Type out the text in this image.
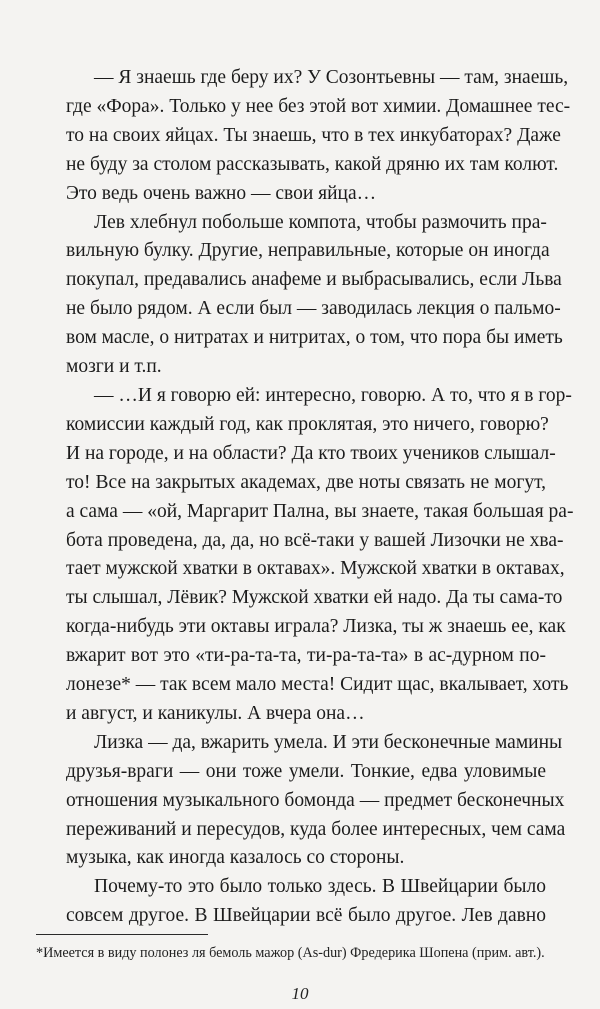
— Я знаешь где беру их? У Созонтьевны — там, знаешь,
где «Фора». Только у нее без этой вот химии. Домашнее тес-
то на своих яйцах. Ты знаешь, что в тех инкубаторах? Даже
не буду за столом рассказывать, какой дряню их там колют.
Это ведь очень важно — свои яйца…
Лев хлебнул побольше компота, чтобы размочить пра-
вильную булку. Другие, неправильные, которые он иногда
покупал, предавались анафеме и выбрасывались, если Льва
не было рядом. А если был — заводилась лекция о пальмо-
вом масле, о нитратах и нитритах, о том, что пора бы иметь
мозги и т.п.
— …И я говорю ей: интересно, говорю. А то, что я в гор-
комиссии каждый год, как проклятая, это ничего, говорю?
И на городе, и на области? Да кто твоих учеников слышал-
то! Все на закрытых академах, две ноты связать не могут,
а сама — «ой, Маргарит Пална, вы знаете, такая большая ра-
бота проведена, да, да, но всё-таки у вашей Лизочки не хва-
тает мужской хватки в октавах». Мужской хватки в октавах,
ты слышал, Лёвик? Мужской хватки ей надо. Да ты сама-то
когда-нибудь эти октавы играла? Лизка, ты ж знаешь ее, как
вжарит вот это «ти-ра-та-та, ти-ра-та-та» в ас-дурном по-
лонезе* — так всем мало места! Сидит щас, вкалывает, хоть
и август, и каникулы. А вчера она…
Лизка — да, вжарить умела. И эти бесконечные мамины
друзья-враги — они тоже умели. Тонкие, едва уловимые
отношения музыкального бомонда — предмет бесконечных
переживаний и пересудов, куда более интересных, чем сама
музыка, как иногда казалось со стороны.
Почему-то это было только здесь. В Швейцарии было
совсем другое. В Швейцарии всё было другое. Лев давно
*Имеется в виду полонез ля бемоль мажор (As-dur) Фредерика Шопена (прим. авт.).
10
